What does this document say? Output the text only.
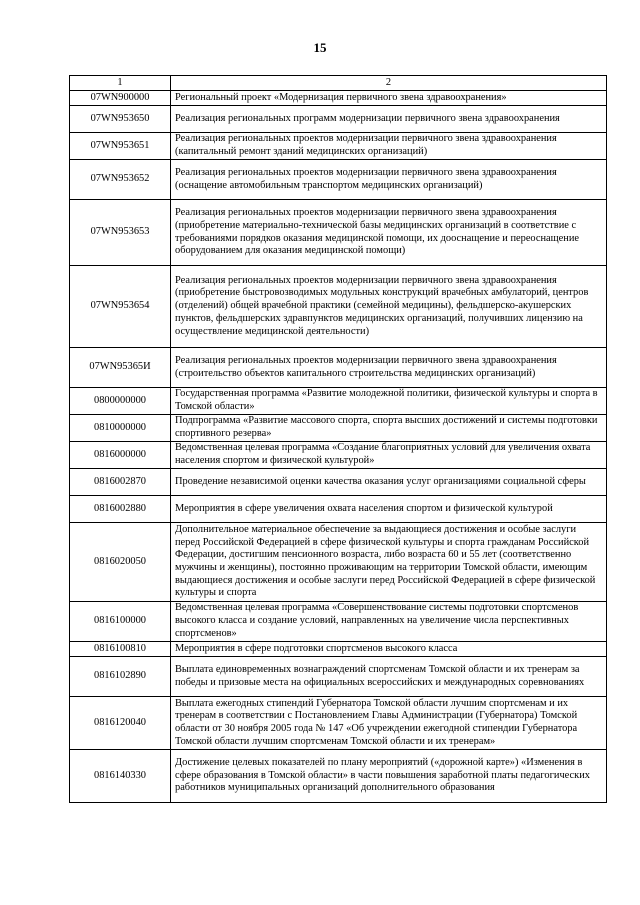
15
1	2
07WN900000	Региональный проект «Модернизация первичного звена здравоохранения»
07WN953650	Реализация региональных программ модернизации первичного звена здравоохранения
07WN953651	Реализация региональных проектов модернизации первичного звена здравоохранения (капитальный ремонт зданий медицинских организаций)
07WN953652	Реализация региональных проектов модернизации первичного звена здравоохранения (оснащение автомобильным транспортом медицинских организаций)
07WN953653	Реализация региональных проектов модернизации первичного звена здравоохранения (приобретение материально-технической базы медицинских организаций в соответствие с требованиями порядков оказания медицинской помощи, их дооснащение и переоснащение оборудованием для оказания медицинской помощи)
07WN953654	Реализация региональных проектов модернизации первичного звена здравоохранения (приобретение быстровозводимых модульных конструкций врачебных амбулаторий, центров (отделений) общей врачебной практики (семейной медицины), фельдшерско-акушерских пунктов, фельдшерских здравпунктов медицинских организаций, получивших лицензию на осуществление медицинской деятельности)
07WN95365И	Реализация региональных проектов модернизации первичного звена здравоохранения (строительство объектов капитального строительства медицинских организаций)
0800000000	Государственная программа «Развитие молодежной политики, физической культуры и спорта в Томской области»
0810000000	Подпрограмма «Развитие массового спорта, спорта высших достижений и системы подготовки спортивного резерва»
0816000000	Ведомственная целевая программа «Создание благоприятных условий для увеличения охвата населения спортом и физической культурой»
0816002870	Проведение независимой оценки качества оказания услуг организациями социальной сферы
0816002880	Мероприятия в сфере увеличения охвата населения спортом и физической культурой
0816020050	Дополнительное материальное обеспечение за выдающиеся достижения и особые заслуги перед Российской Федерацией в сфере физической культуры и спорта гражданам Российской Федерации, достигшим пенсионного возраста, либо возраста 60 и 55 лет (соответственно мужчины и женщины), постоянно проживающим на территории Томской области, имеющим выдающиеся достижения и особые заслуги перед Российской Федерацией в сфере физической культуры и спорта
0816100000	Ведомственная целевая программа «Совершенствование системы подготовки спортсменов высокого класса и создание условий, направленных на увеличение числа перспективных спортсменов»
0816100810	Мероприятия в сфере подготовки спортсменов высокого класса
0816102890	Выплата единовременных вознаграждений спортсменам Томской области и их тренерам за победы и призовые места на официальных всероссийских и международных соревнованиях
0816120040	Выплата ежегодных стипендий Губернатора Томской области лучшим спортсменам и их тренерам в соответствии с Постановлением Главы Администрации (Губернатора) Томской области от 30 ноября 2005 года № 147 «Об учреждении ежегодной стипендии Губернатора Томской области лучшим спортсменам Томской области и их тренерам»
0816140330	Достижение целевых показателей по плану мероприятий («дорожной карте») «Изменения в сфере образования в Томской области» в части повышения заработной платы педагогических работников муниципальных организаций дополнительного образования
